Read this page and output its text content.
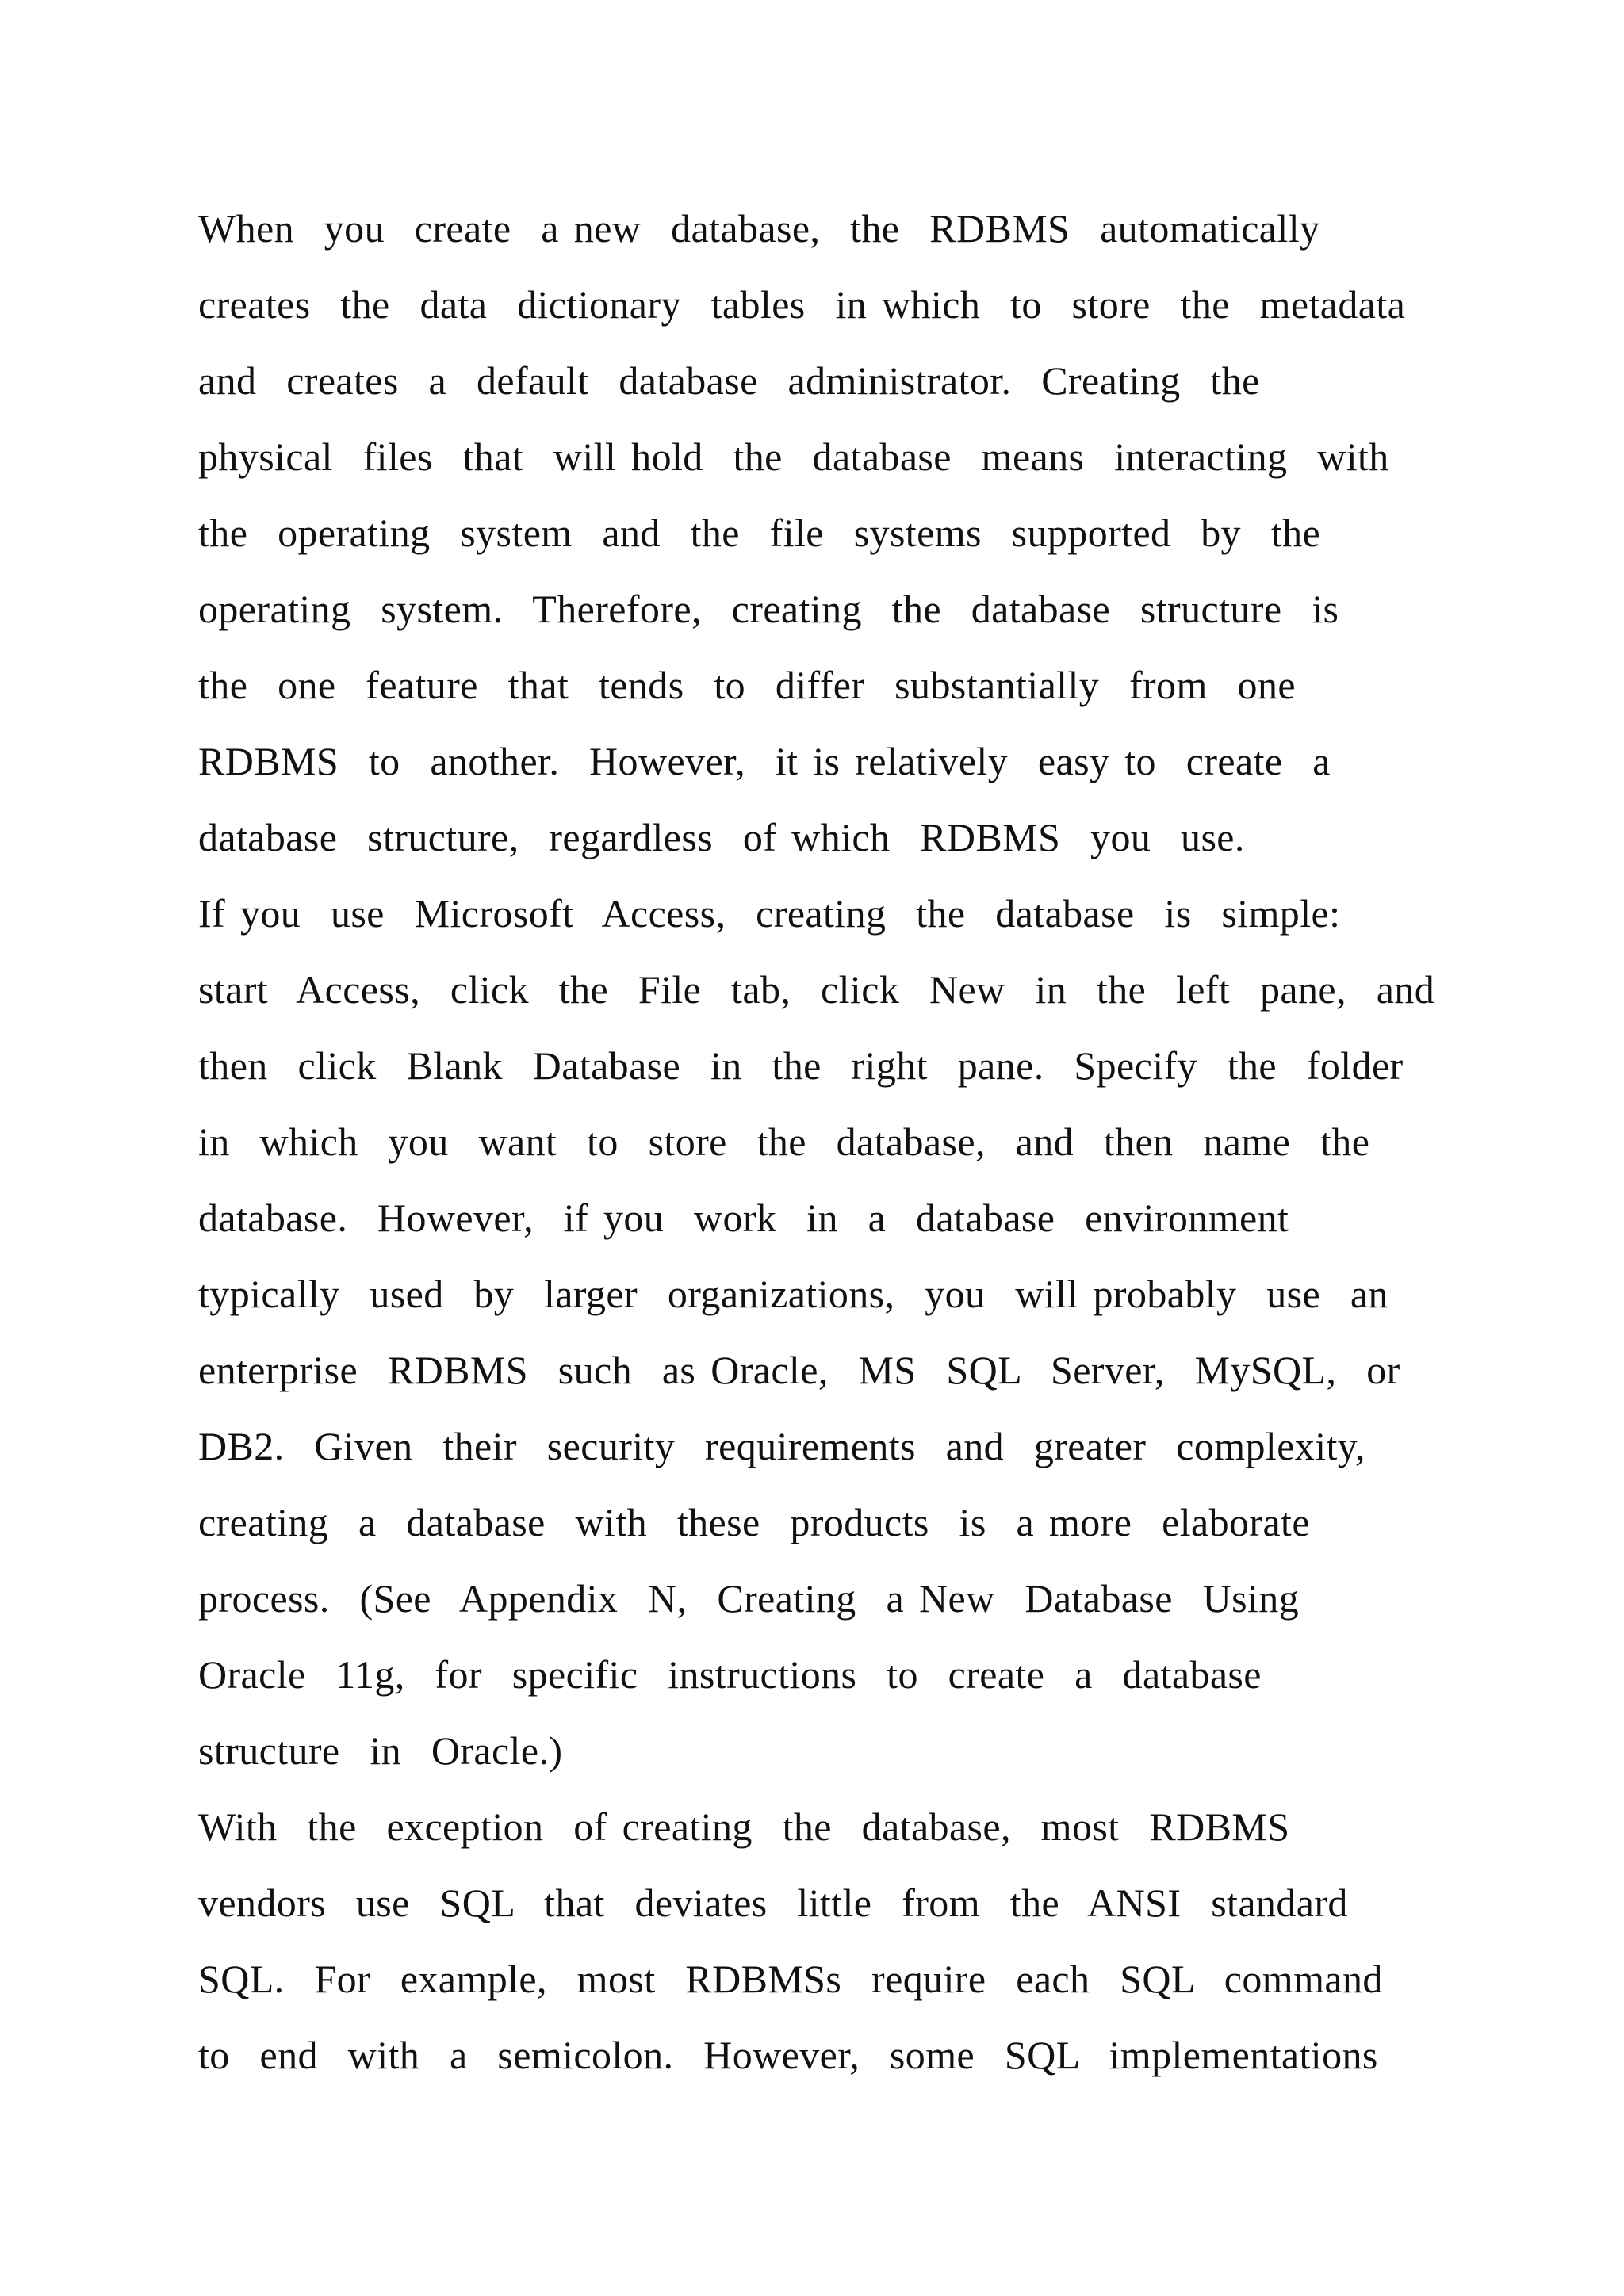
When  you  create  a new  database,  the  RDBMS  automatically
creates  the  data  dictionary  tables  in which  to  store  the  metadata
and  creates  a  default  database  administrator.  Creating  the
physical  files  that  will hold  the  database  means  interacting  with
the  operating  system  and  the  file  systems  supported  by  the
operating  system.  Therefore,  creating  the  database  structure  is
the  one  feature  that  tends  to  differ  substantially  from  one
RDBMS  to  another.  However,  it is relatively  easy to  create  a
database  structure,  regardless  of which  RDBMS  you  use.
If you  use  Microsoft  Access,  creating  the  database  is  simple:
start  Access,  click  the  File  tab,  click  New  in  the  left  pane,  and
then  click  Blank  Database  in  the  right  pane.  Specify  the  folder
in  which  you  want  to  store  the  database,  and  then  name  the
database.  However,  if you  work  in  a  database  environment
typically  used  by  larger  organizations,  you  will probably  use  an
enterprise  RDBMS  such  as Oracle,  MS  SQL  Server,  MySQL,  or
DB2.  Given  their  security  requirements  and  greater  complexity,
creating  a  database  with  these  products  is  a more  elaborate
process.  (See  Appendix  N,  Creating  a New  Database  Using
Oracle  11g,  for  specific  instructions  to  create  a  database
structure  in  Oracle.)
With  the  exception  of creating  the  database,  most  RDBMS
vendors  use  SQL  that  deviates  little  from  the  ANSI  standard
SQL.  For  example,  most  RDBMSs  require  each  SQL  command
to  end  with  a  semicolon.  However,  some  SQL  implementations
